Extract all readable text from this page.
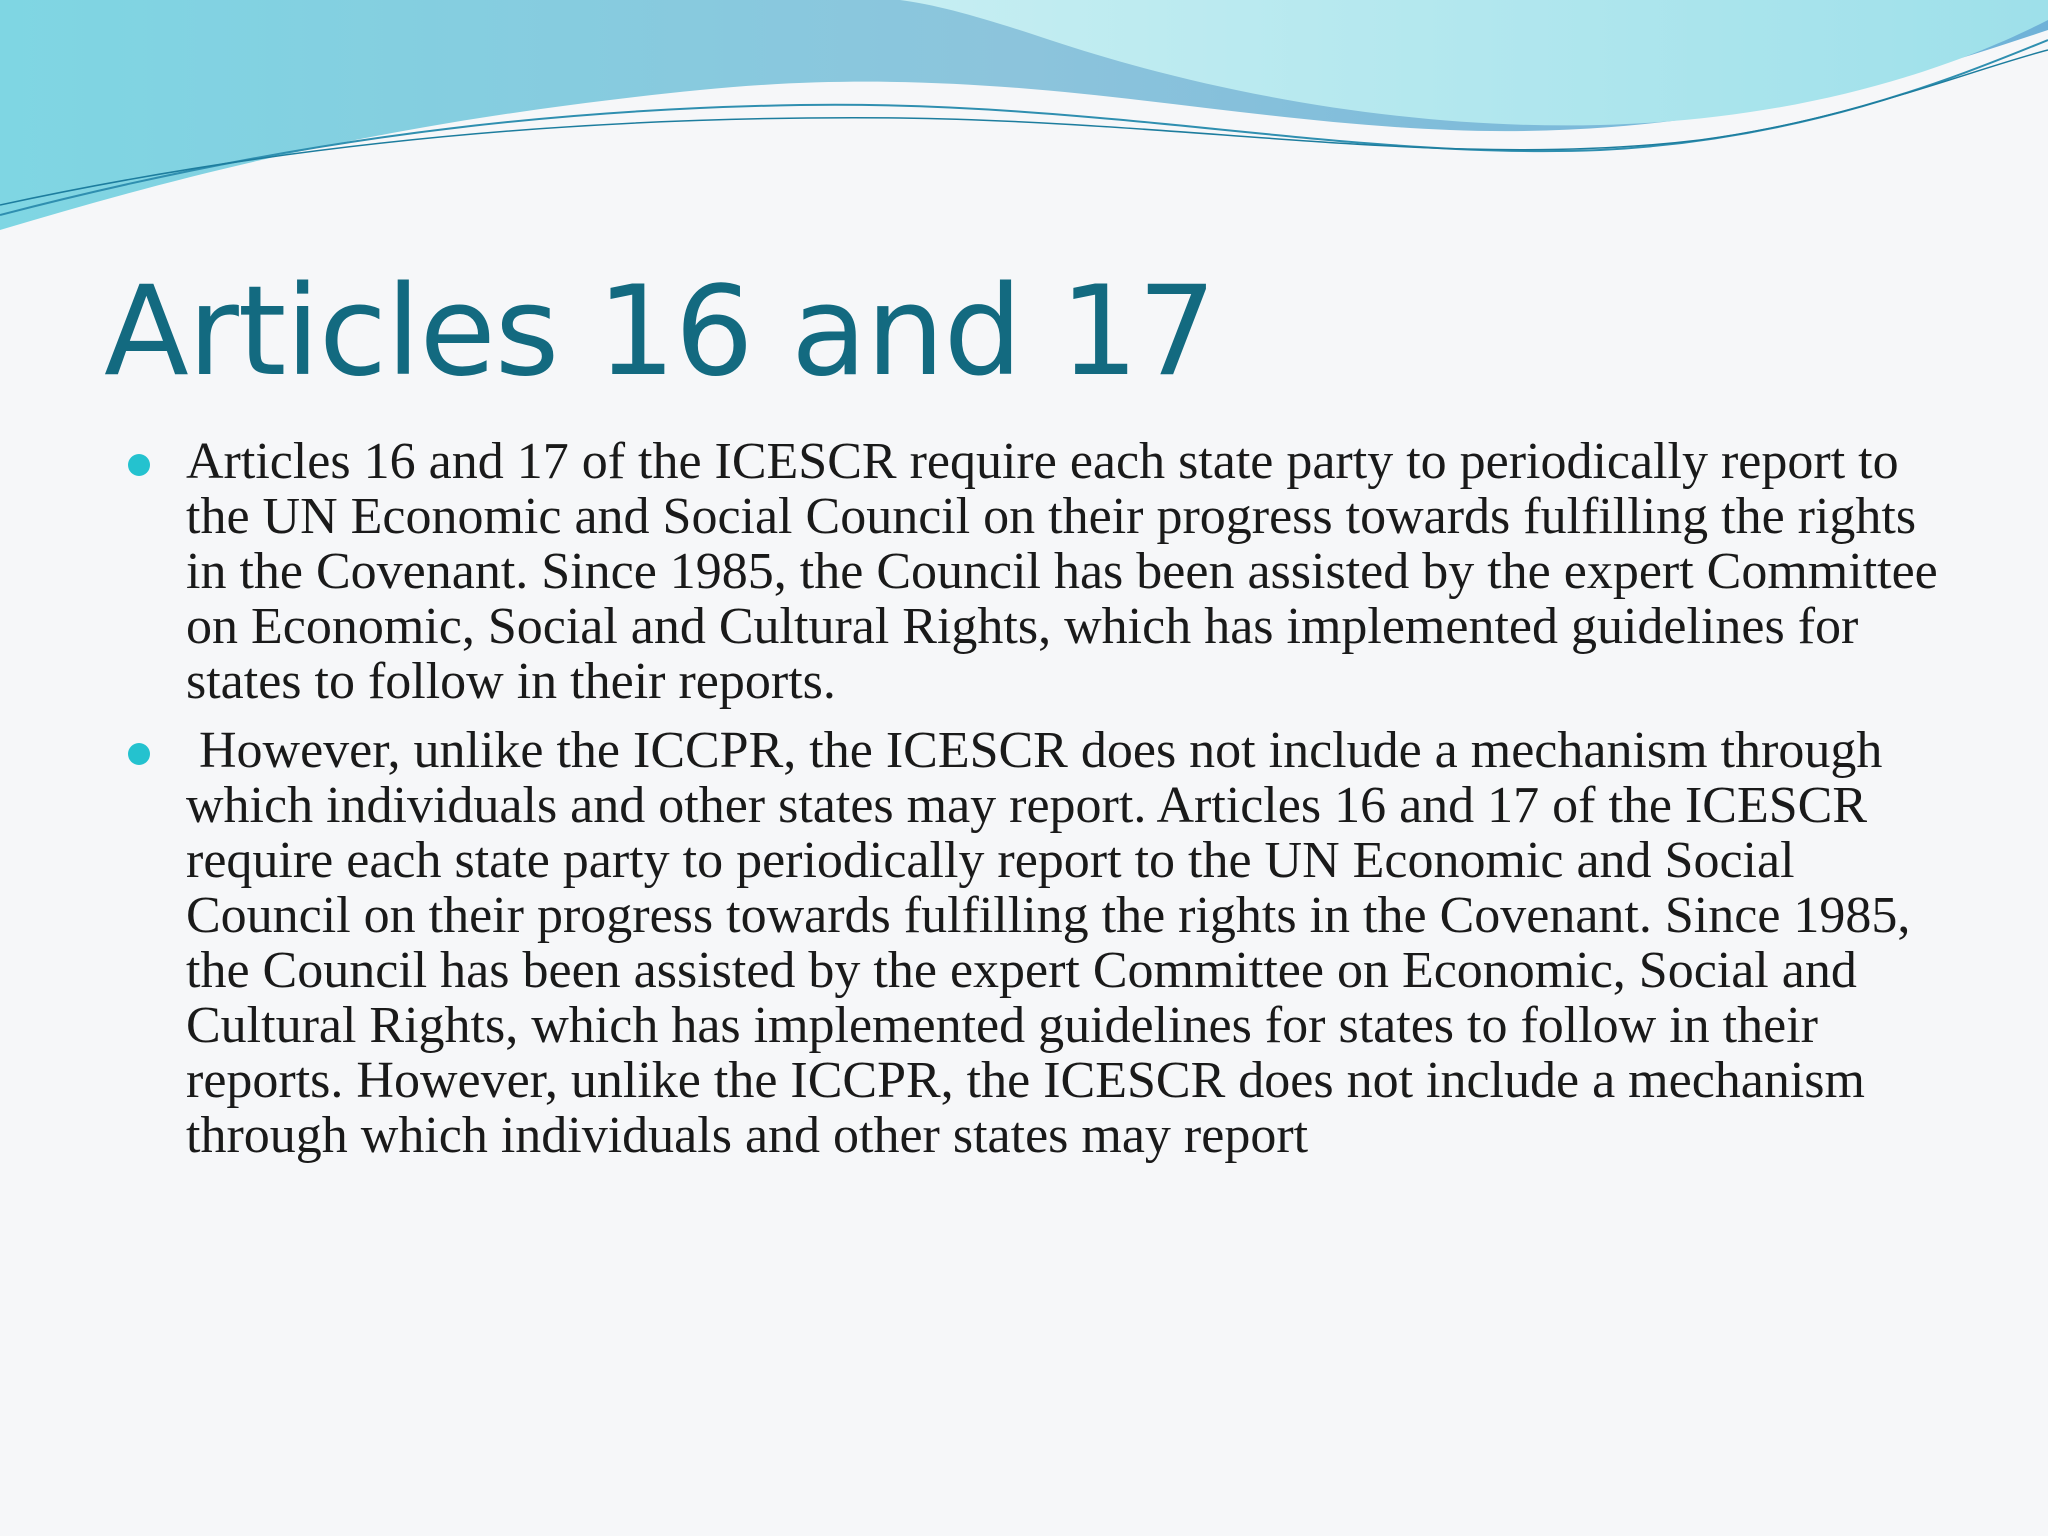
Articles 16 and 17
Articles 16 and 17 of the ICESCR require each state party to periodically report to the UN Economic and Social Council on their progress towards fulfilling the rights in the Covenant. Since 1985, the Council has been assisted by the expert Committee on Economic, Social and Cultural Rights, which has implemented guidelines for states to follow in their reports.
However, unlike the ICCPR, the ICESCR does not include a mechanism through which individuals and other states may report. Articles 16 and 17 of the ICESCR require each state party to periodically report to the UN Economic and Social Council on their progress towards fulfilling the rights in the Covenant. Since 1985, the Council has been assisted by the expert Committee on Economic, Social and Cultural Rights, which has implemented guidelines for states to follow in their reports. However, unlike the ICCPR, the ICESCR does not include a mechanism through which individuals and other states may report
